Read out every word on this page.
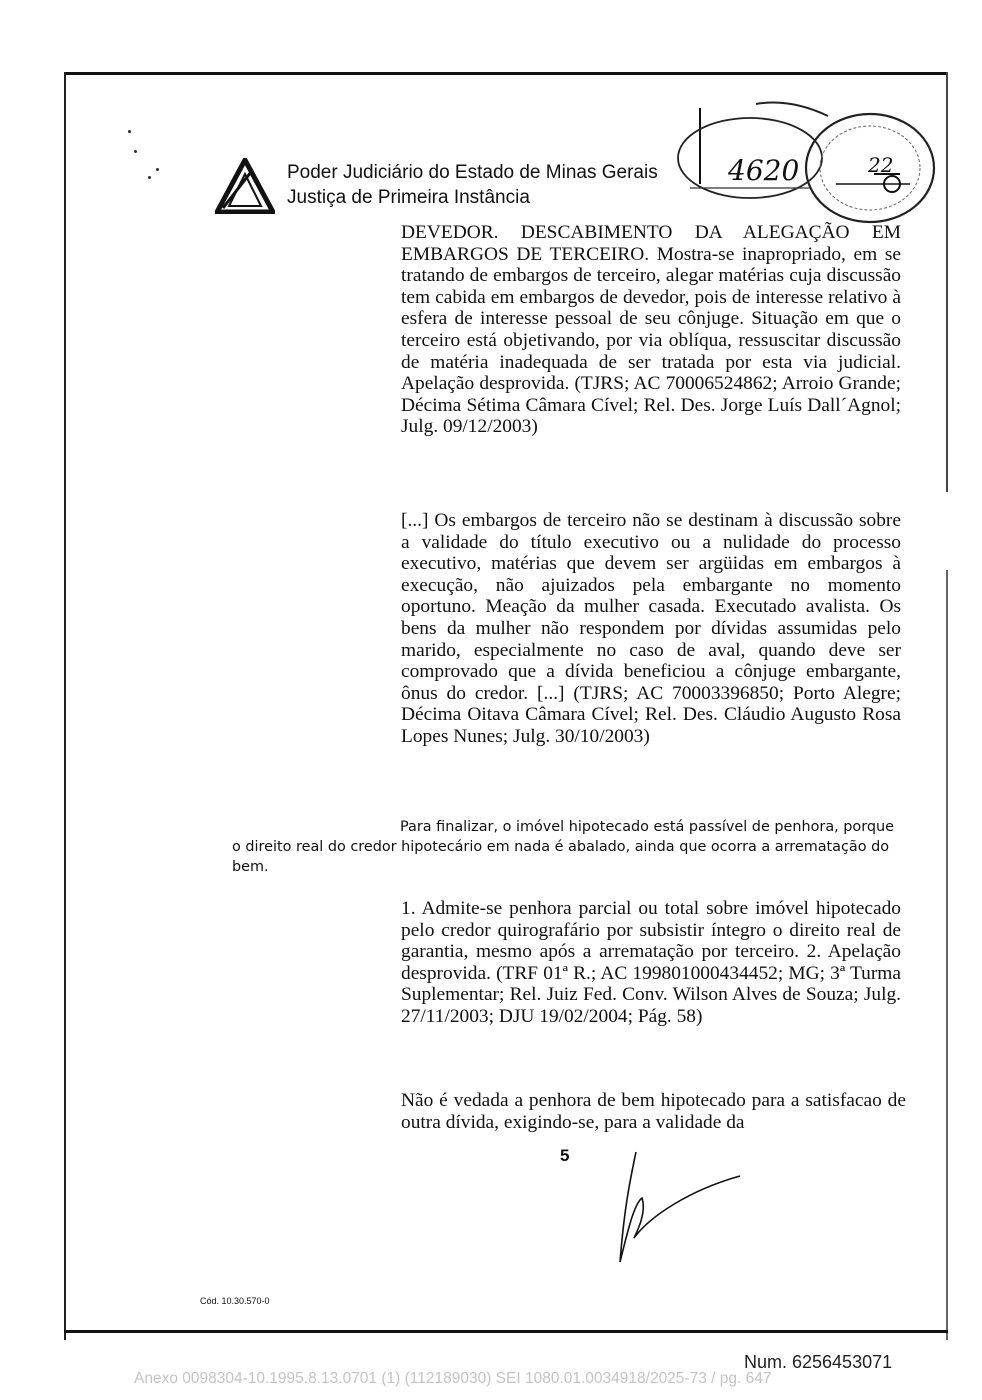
Poder Judiciário do Estado de Minas Gerais
Justiça de Primeira Instância
4620	22
DEVEDOR. DESCABIMENTO DA ALEGAÇÃO EM EMBARGOS DE TERCEIRO. Mostra-se inapropriado, em se tratando de embargos de terceiro, alegar matérias cuja discussão tem cabida em embargos de devedor, pois de interesse relativo à esfera de interesse pessoal de seu cônjuge. Situação em que o terceiro está objetivando, por via oblíqua, ressuscitar discussão de matéria inadequada de ser tratada por esta via judicial. Apelação desprovida. (TJRS; AC 70006524862; Arroio Grande; Décima Sétima Câmara Cível; Rel. Des. Jorge Luís Dall´Agnol; Julg. 09/12/2003)
[...] Os embargos de terceiro não se destinam à discussão sobre a validade do título executivo ou a nulidade do processo executivo, matérias que devem ser argüidas em embargos à execução, não ajuizados pela embargante no momento oportuno. Meação da mulher casada. Executado avalista. Os bens da mulher não respondem por dívidas assumidas pelo marido, especialmente no caso de aval, quando deve ser comprovado que a dívida beneficiou a cônjuge embargante, ônus do credor. [...] (TJRS; AC 70003396850; Porto Alegre; Décima Oitava Câmara Cível; Rel. Des. Cláudio Augusto Rosa Lopes Nunes; Julg. 30/10/2003)
Para finalizar, o imóvel hipotecado está passível de penhora, porque o direito real do credor hipotecário em nada é abalado, ainda que ocorra a arrematação do bem.
1. Admite-se penhora parcial ou total sobre imóvel hipotecado pelo credor quirografário por subsistir íntegro o direito real de garantia, mesmo após a arrematação por terceiro. 2. Apelação desprovida. (TRF 01ª R.; AC 199801000434452; MG; 3ª Turma Suplementar; Rel. Juiz Fed. Conv. Wilson Alves de Souza; Julg. 27/11/2003; DJU 19/02/2004; Pág. 58)
Não é vedada a penhora de bem hipotecado para a satisfacao de outra dívida, exigindo-se, para a validade da
5
Cód. 10.30.570-0
Num. 6256453071
Anexo 0098304-10.1995.8.13.0701 (1) (112189030) SEI 1080.01.0034918/2025-73 / pg. 647
